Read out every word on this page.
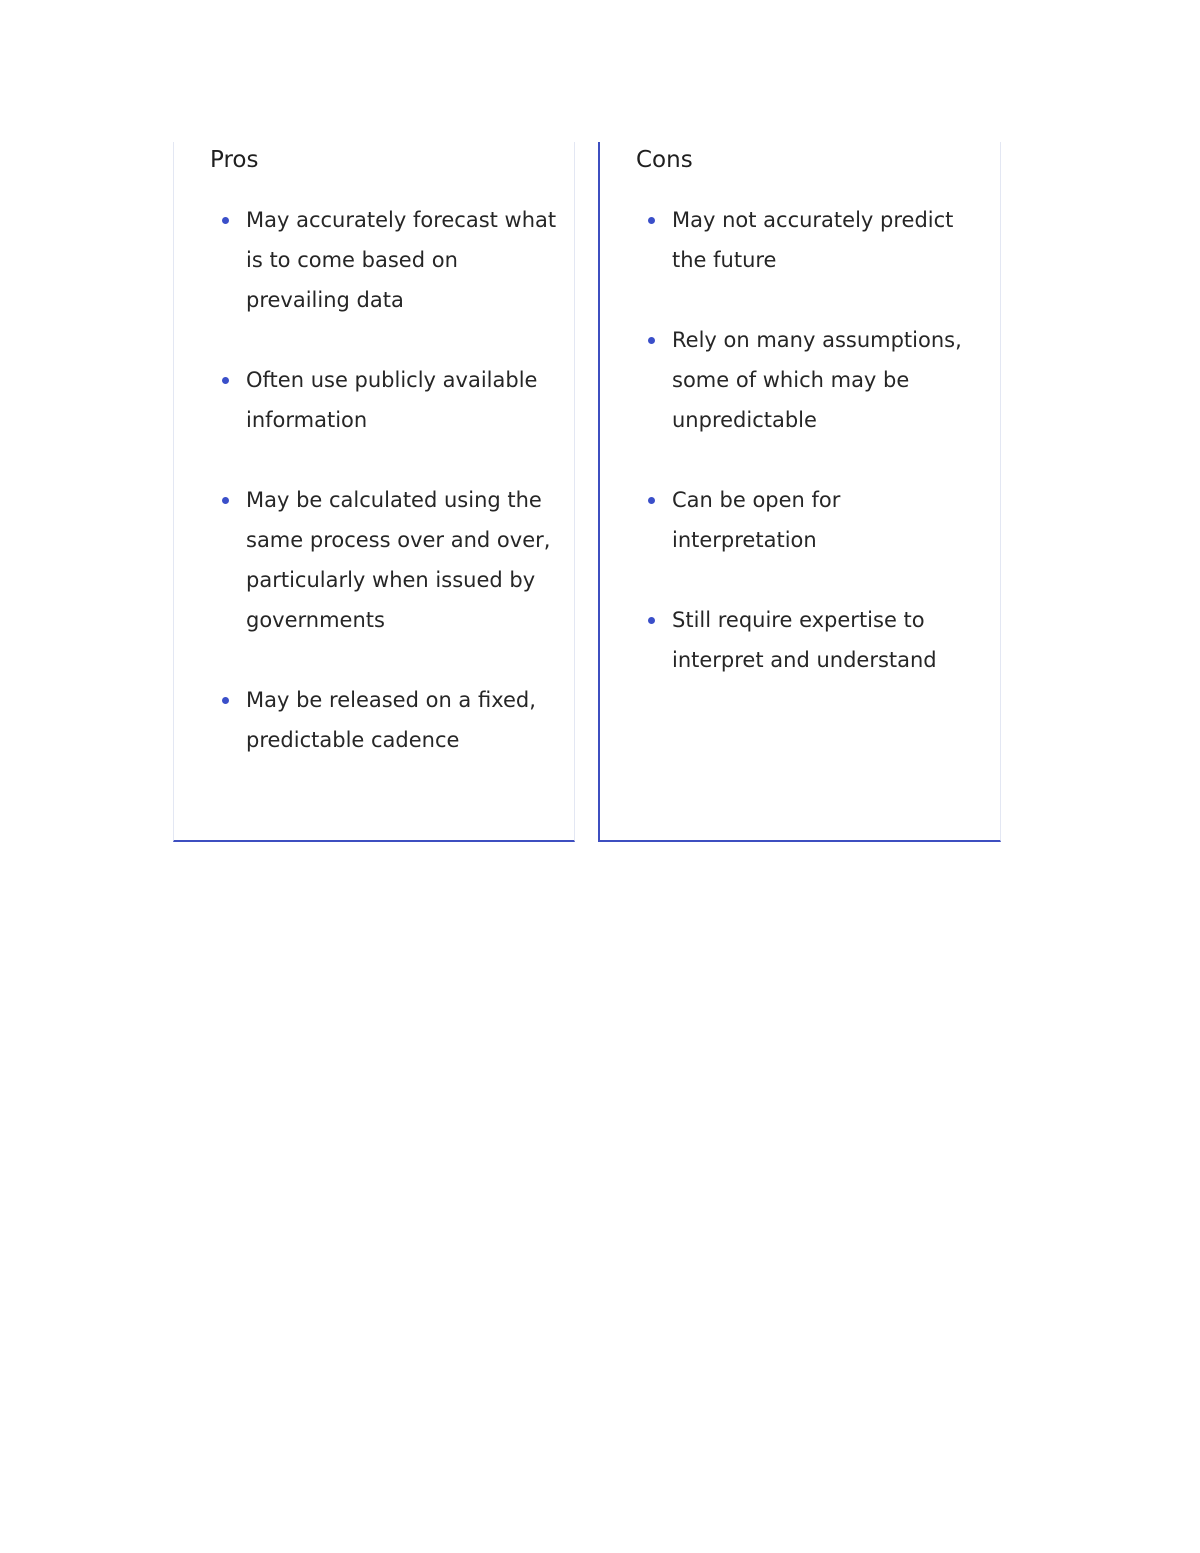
Pros
May accurately forecast what is to come based on prevailing data
Often use publicly available information
May be calculated using the same process over and over, particularly when issued by governments
May be released on a fixed, predictable cadence
Cons
May not accurately predict the future
Rely on many assumptions, some of which may be unpredictable
Can be open for interpretation
Still require expertise to interpret and understand
